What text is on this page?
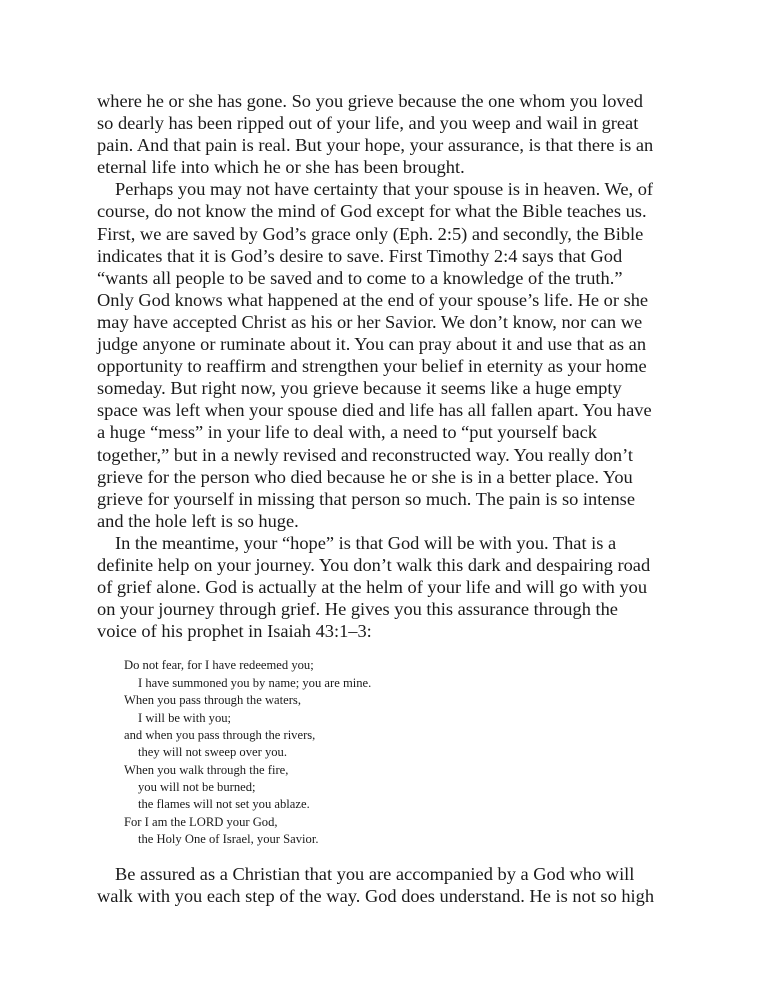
where he or she has gone. So you grieve because the one whom you loved

so dearly has been ripped out of your life, and you weep and wail in great

pain. And that pain is real. But your hope, your assurance, is that there is an

eternal life into which he or she has been brought.

Perhaps you may not have certainty that your spouse is in heaven. We, of

course, do not know the mind of God except for what the Bible teaches us.

First, we are saved by God’s grace only (Eph. 2:5) and secondly, the Bible

indicates that it is God’s desire to save. First Timothy 2:4 says that God

“wants all people to be saved and to come to a knowledge of the truth.”

Only God knows what happened at the end of your spouse’s life. He or she

may have accepted Christ as his or her Savior. We don’t know, nor can we

judge anyone or ruminate about it. You can pray about it and use that as an

opportunity to reaffirm and strengthen your belief in eternity as your home

someday. But right now, you grieve because it seems like a huge empty

space was left when your spouse died and life has all fallen apart. You have

a huge “mess” in your life to deal with, a need to “put yourself back

together,” but in a newly revised and reconstructed way. You really don’t

grieve for the person who died because he or she is in a better place. You

grieve for yourself in missing that person so much. The pain is so intense

and the hole left is so huge.

In the meantime, your “hope” is that God will be with you. That is a

definite help on your journey. You don’t walk this dark and despairing road

of grief alone. God is actually at the helm of your life and will go with you

on your journey through grief. He gives you this assurance through the

voice of his prophet in Isaiah 43:1–3:

Do not fear, for I have redeemed you;

I have summoned you by name; you are mine.

When you pass through the waters,

I will be with you;

and when you pass through the rivers,

they will not sweep over you.

When you walk through the fire,

you will not be burned;

the flames will not set you ablaze.

For I am the LORD your God,

the Holy One of Israel, your Savior.

Be assured as a Christian that you are accompanied by a God who will

walk with you each step of the way. God does understand. He is not so high
